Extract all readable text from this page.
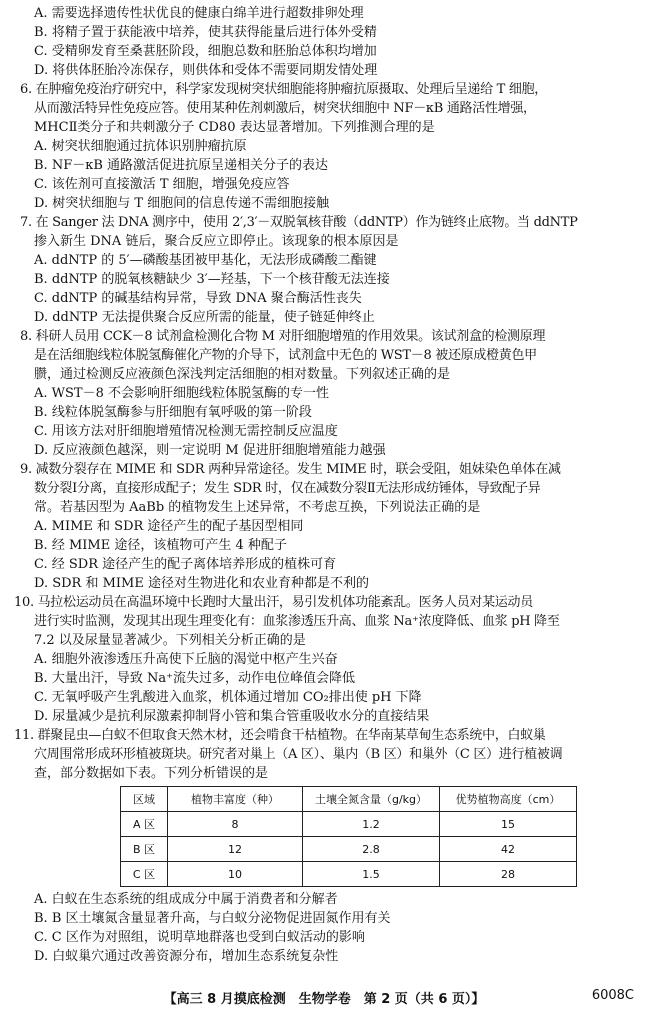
A. 需要选择遗传性状优良的健康白绵羊进行超数排卵处理
B. 将精子置于获能液中培养，使其获得能量后进行体外受精
C. 受精卵发育至桑葚胚阶段，细胞总数和胚胎总体积均增加
D. 将供体胚胎冷冻保存，则供体和受体不需要同期发情处理
6. 在肿瘤免疫治疗研究中，科学家发现树突状细胞能将肿瘤抗原摄取、处理后呈递给 T 细胞，
从而激活特异性免疫应答。使用某种佐剂刺激后，树突状细胞中 NF－κB 通路活性增强，
MHCⅡ类分子和共刺激分子 CD80 表达显著增加。下列推测合理的是
A. 树突状细胞通过抗体识别肿瘤抗原
B. NF－κB 通路激活促进抗原呈递相关分子的表达
C. 该佐剂可直接激活 T 细胞，增强免疫应答
D. 树突状细胞与 T 细胞间的信息传递不需细胞接触
7. 在 Sanger 法 DNA 测序中，使用 2′,3′－双脱氧核苷酸（ddNTP）作为链终止底物。当 ddNTP
掺入新生 DNA 链后，聚合反应立即停止。该现象的根本原因是
A. ddNTP 的 5′—磷酸基团被甲基化，无法形成磷酸二酯键
B. ddNTP 的脱氧核糖缺少 3′—羟基，下一个核苷酸无法连接
C. ddNTP 的碱基结构异常，导致 DNA 聚合酶活性丧失
D. ddNTP 无法提供聚合反应所需的能量，使子链延伸终止
8. 科研人员用 CCK－8 试剂盒检测化合物 M 对肝细胞增殖的作用效果。该试剂盒的检测原理
是在活细胞线粒体脱氢酶催化产物的介导下，试剂盒中无色的 WST－8 被还原成橙黄色甲
臜，通过检测反应液颜色深浅判定活细胞的相对数量。下列叙述正确的是
A. WST－8 不会影响肝细胞线粒体脱氢酶的专一性
B. 线粒体脱氢酶参与肝细胞有氧呼吸的第一阶段
C. 用该方法对肝细胞增殖情况检测无需控制反应温度
D. 反应液颜色越深，则一定说明 M 促进肝细胞增殖能力越强
9. 减数分裂存在 MIME 和 SDR 两种异常途径。发生 MIME 时，联会受阻，姐妹染色单体在减
数分裂Ⅰ分离，直接形成配子；发生 SDR 时，仅在减数分裂Ⅱ无法形成纺锤体，导致配子异
常。若基因型为 AaBb 的植物发生上述异常，不考虑互换，下列说法正确的是
A. MIME 和 SDR 途径产生的配子基因型相同
B. 经 MIME 途径，该植物可产生 4 种配子
C. 经 SDR 途径产生的配子离体培养形成的植株可育
D. SDR 和 MIME 途径对生物进化和农业育种都是不利的
10. 马拉松运动员在高温环境中长跑时大量出汗，易引发机体功能紊乱。医务人员对某运动员
进行实时监测，发现其出现生理变化有：血浆渗透压升高、血浆 Na⁺浓度降低、血浆 pH 降至
7.2 以及尿量显著减少。下列相关分析正确的是
A. 细胞外液渗透压升高使下丘脑的渴觉中枢产生兴奋
B. 大量出汗，导致 Na⁺流失过多，动作电位峰值会降低
C. 无氧呼吸产生乳酸进入血浆，机体通过增加 CO₂排出使 pH 下降
D. 尿量减少是抗利尿激素抑制肾小管和集合管重吸收水分的直接结果
11. 群聚昆虫—白蚁不但取食天然木材，还会啃食干枯植物。在华南某草甸生态系统中，白蚁巢
穴周围常形成环形植被斑块。研究者对巢上（A 区）、巢内（B 区）和巢外（C 区）进行植被调
查，部分数据如下表。下列分析错误的是
区域	植物丰富度（种）	土壤全氮含量（g/kg）	优势植物高度（cm）
A 区	8	1.2	15
B 区	12	2.8	42
C 区	10	1.5	28
A. 白蚁在生态系统的组成成分中属于消费者和分解者
B. B 区土壤氮含量显著升高，与白蚁分泌物促进固氮作用有关
C. C 区作为对照组，说明草地群落也受到白蚁活动的影响
D. 白蚁巢穴通过改善资源分布，增加生态系统复杂性
【高三 8 月摸底检测　生物学卷　第 2 页（共 6 页）】	6008C
